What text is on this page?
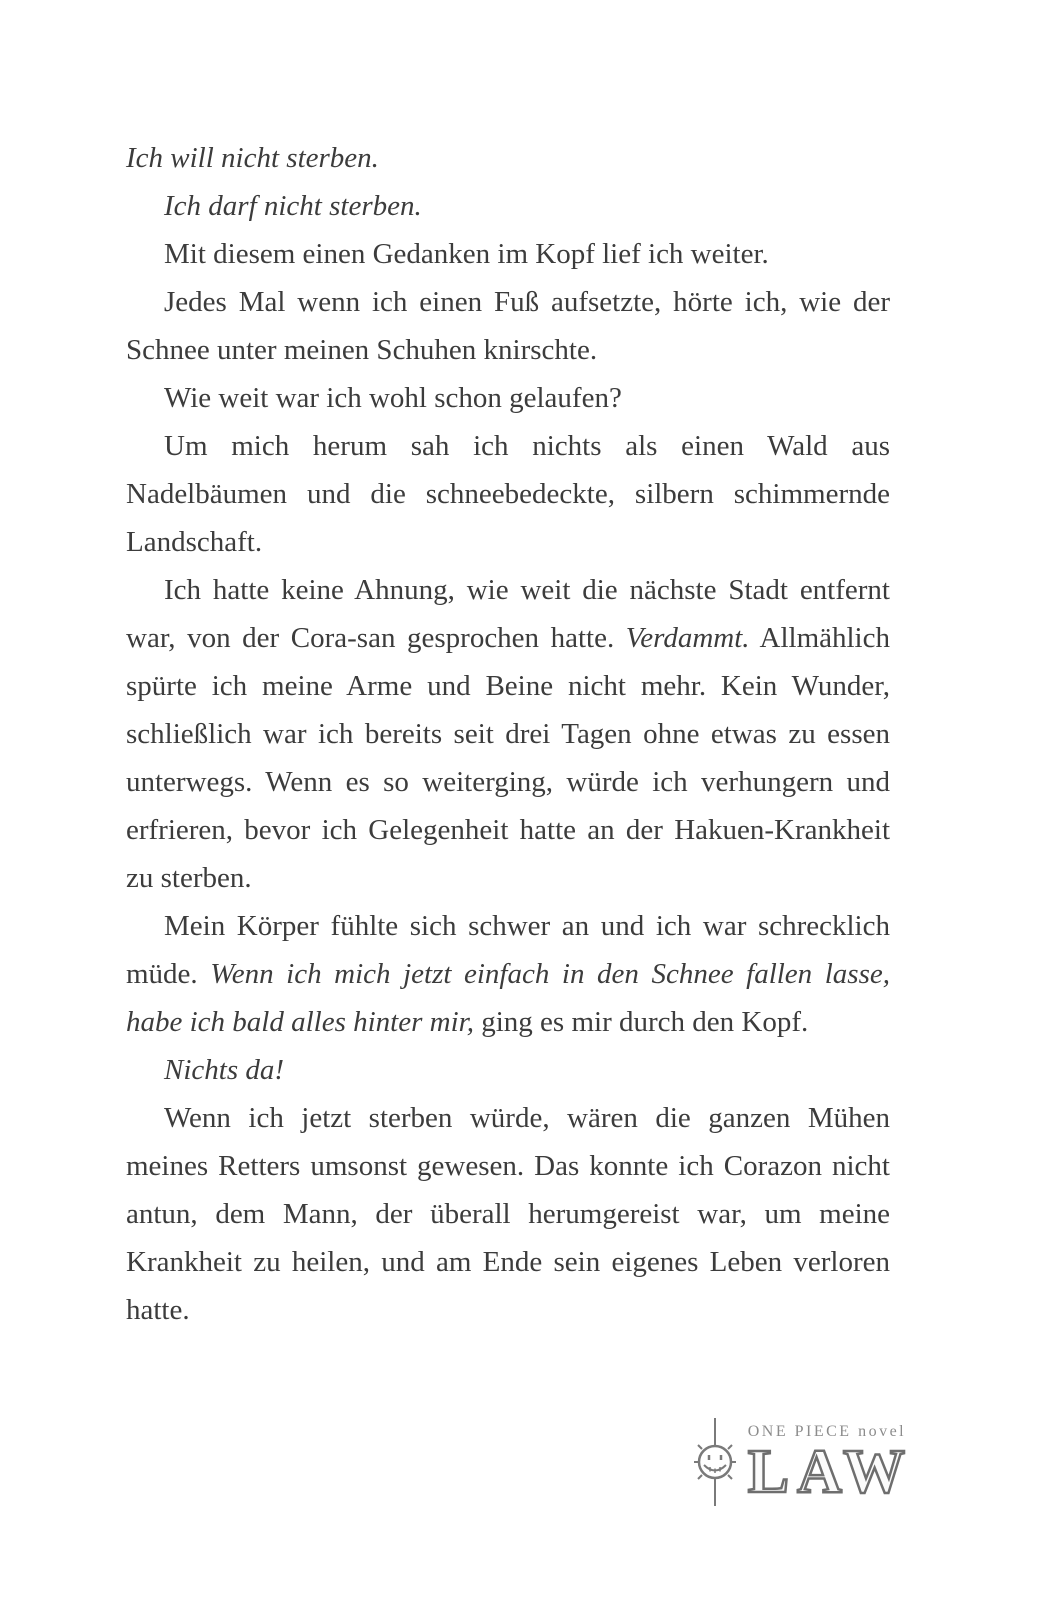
Ich will nicht sterben.

Ich darf nicht sterben.

Mit diesem einen Gedanken im Kopf lief ich weiter.

Jedes Mal wenn ich einen Fuß aufsetzte, hörte ich, wie der Schnee unter meinen Schuhen knirschte.

Wie weit war ich wohl schon gelaufen?

Um mich herum sah ich nichts als einen Wald aus Nadelbäumen und die schneebedeckte, silbern schimmernde Landschaft.

Ich hatte keine Ahnung, wie weit die nächste Stadt entfernt war, von der Cora-san gesprochen hatte. Verdammt. Allmählich spürte ich meine Arme und Beine nicht mehr. Kein Wunder, schließlich war ich bereits seit drei Tagen ohne etwas zu essen unterwegs. Wenn es so weiterging, würde ich verhungern und erfrieren, bevor ich Gelegenheit hatte an der Hakuen-Krankheit zu sterben.

Mein Körper fühlte sich schwer an und ich war schrecklich müde. Wenn ich mich jetzt einfach in den Schnee fallen lasse, habe ich bald alles hinter mir, ging es mir durch den Kopf.

Nichts da!

Wenn ich jetzt sterben würde, wären die ganzen Mühen meines Retters umsonst gewesen. Das konnte ich Corazon nicht antun, dem Mann, der überall herumgereist war, um meine Krankheit zu heilen, und am Ende sein eigenes Leben verloren hatte.

ONE PIECE novel
LAW
